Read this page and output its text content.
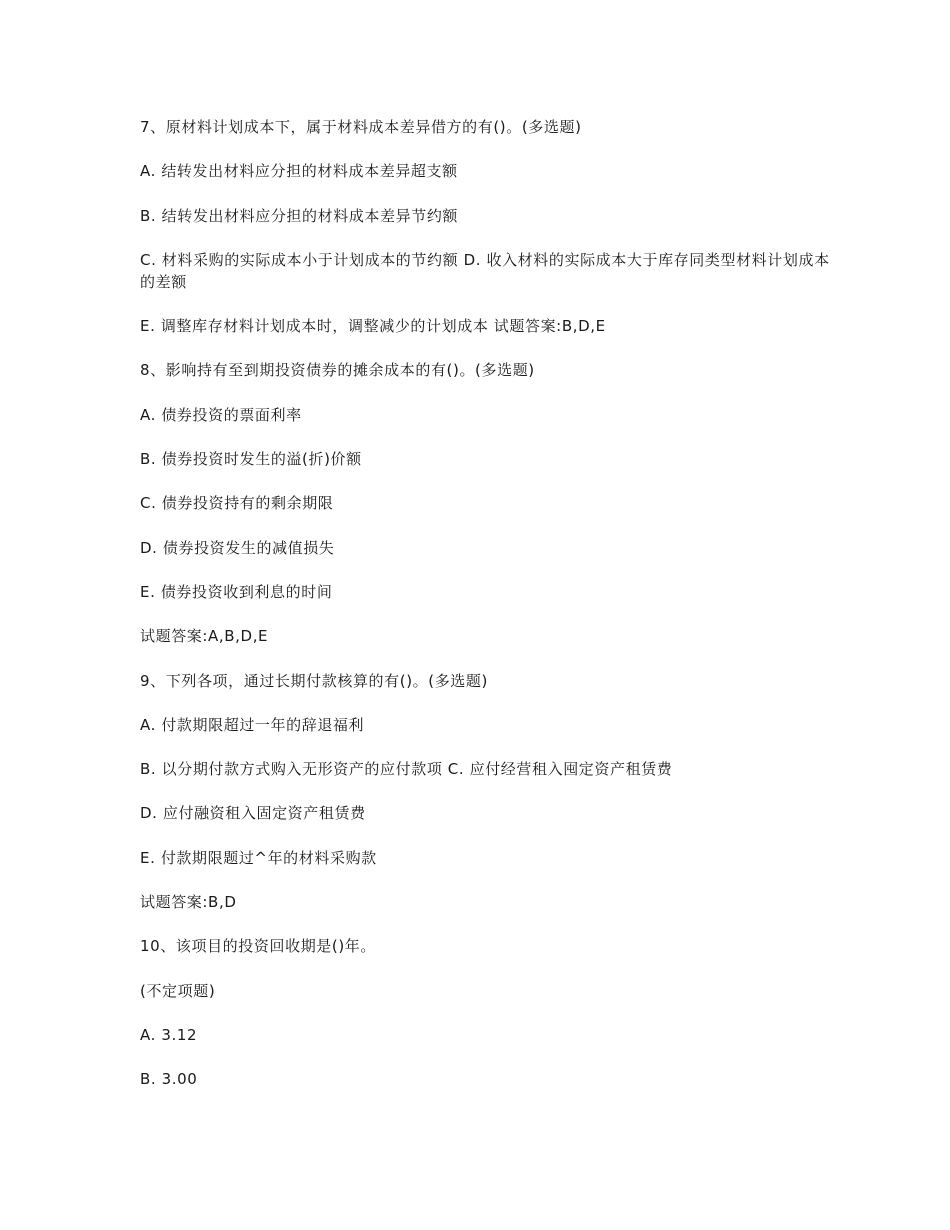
7、原材料计划成本下，属于材料成本差异借方的有()。(多选题)

A. 结转发出材料应分担的材料成本差异超支额

B. 结转发出材料应分担的材料成本差异节约额

C. 材料采购的实际成本小于计划成本的节约额 D. 收入材料的实际成本大于库存同类型材料计划成本的差额

E. 调整库存材料计划成本时，调整减少的计划成本 试题答案:B,D,E

8、影响持有至到期投资债券的摊余成本的有()。(多选题)

A. 债券投资的票面利率

B. 债券投资时发生的溢(折)价额

C. 债券投资持有的剩余期限

D. 债券投资发生的减值损失

E. 债券投资收到利息的时间

试题答案:A,B,D,E

9、下列各项，通过长期付款核算的有()。(多选题)

A. 付款期限超过一年的辞退福利

B. 以分期付款方式购入无形资产的应付款项 C. 应付经营租入囤定资产租赁费

D. 应付融资租入固定资产租赁费

E. 付款期限题过^年的材料采购款

试题答案:B,D

10、该项目的投资回收期是()年。

(不定项题)

A. 3.12

B. 3.00
